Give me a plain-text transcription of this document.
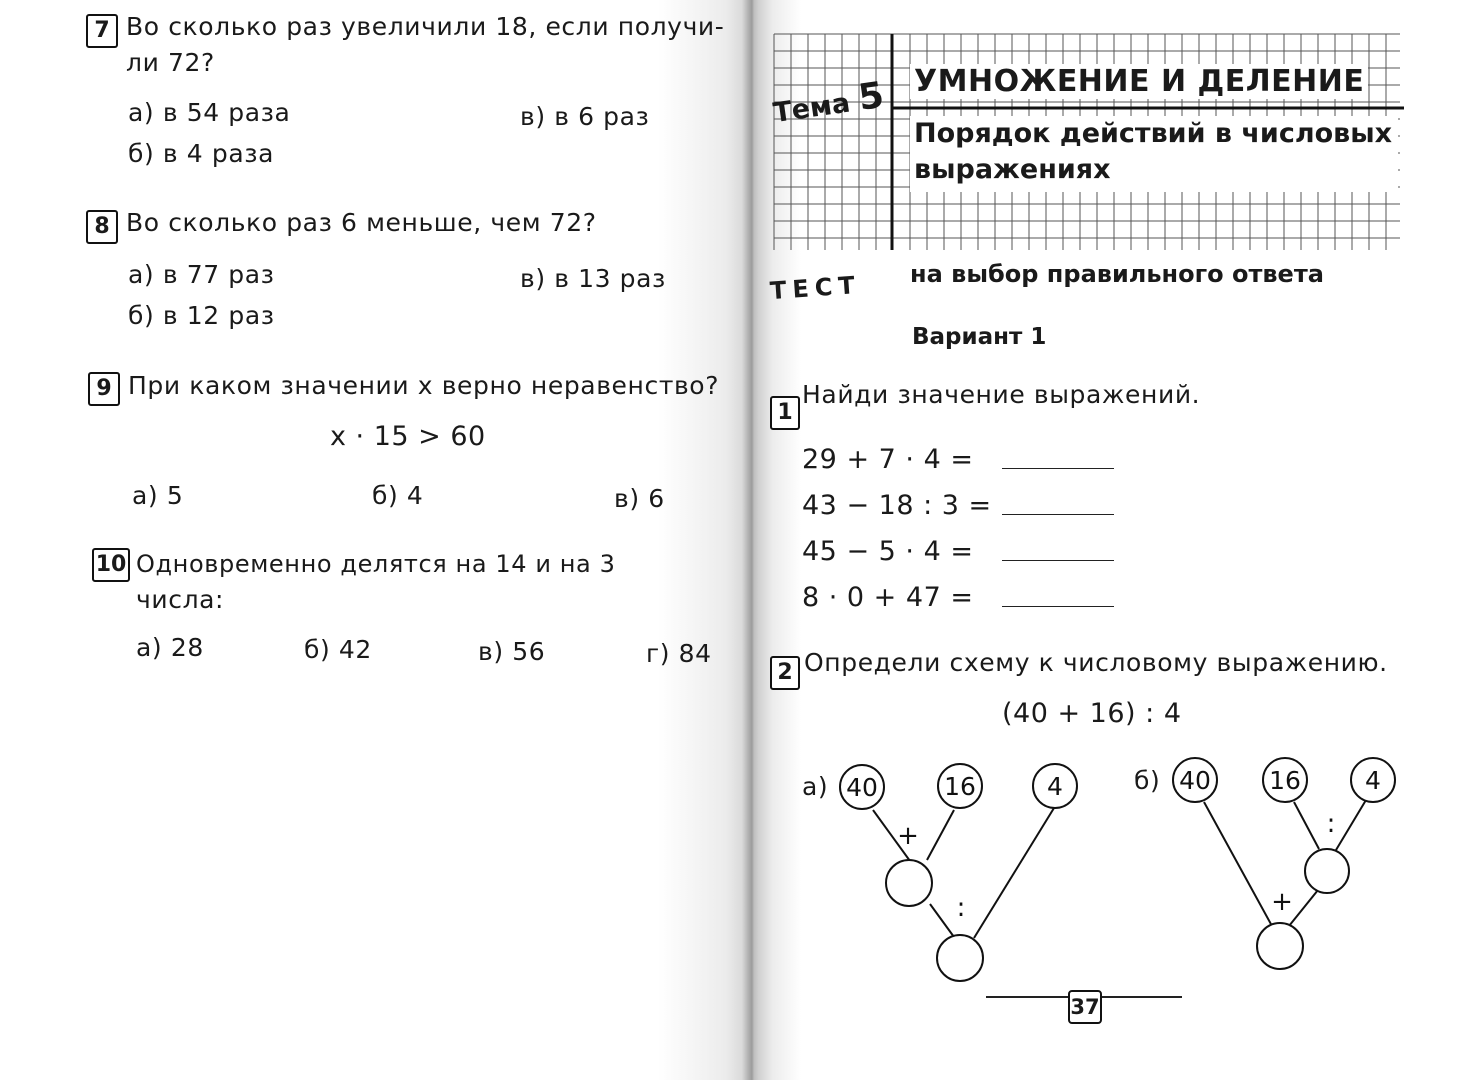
7 Во сколько раз увеличили 18, если получи-
ли 72?
а) в 54 раза	в) в 6 раз
б) в 4 раза
8 Во сколько раз 6 меньше, чем 72?
а) в 77 раз	в) в 13 раз
б) в 12 раз
9 При каком значении x верно неравенство?
x · 15 > 60
а) 5	б) 4	в) 6
10 Одновременно делятся на 14 и на 3
числа:
а) 28	б) 42	в) 56	г) 84
Тема 5 УМНОЖЕНИЕ И ДЕЛЕНИЕ
Порядок действий в числовых
выражениях
ТЕСТ на выбор правильного ответа
Вариант 1
1
Найди значение выражений.
29 + 7 · 4 =
43 − 18 : 3 =
45 − 5 · 4 =
8 · 0 + 47 =
2 Определи схему к числовому выражению.
(40 + 16) : 4
а)	б)
37
40	16	4
+
:
40 16	4
:
+
